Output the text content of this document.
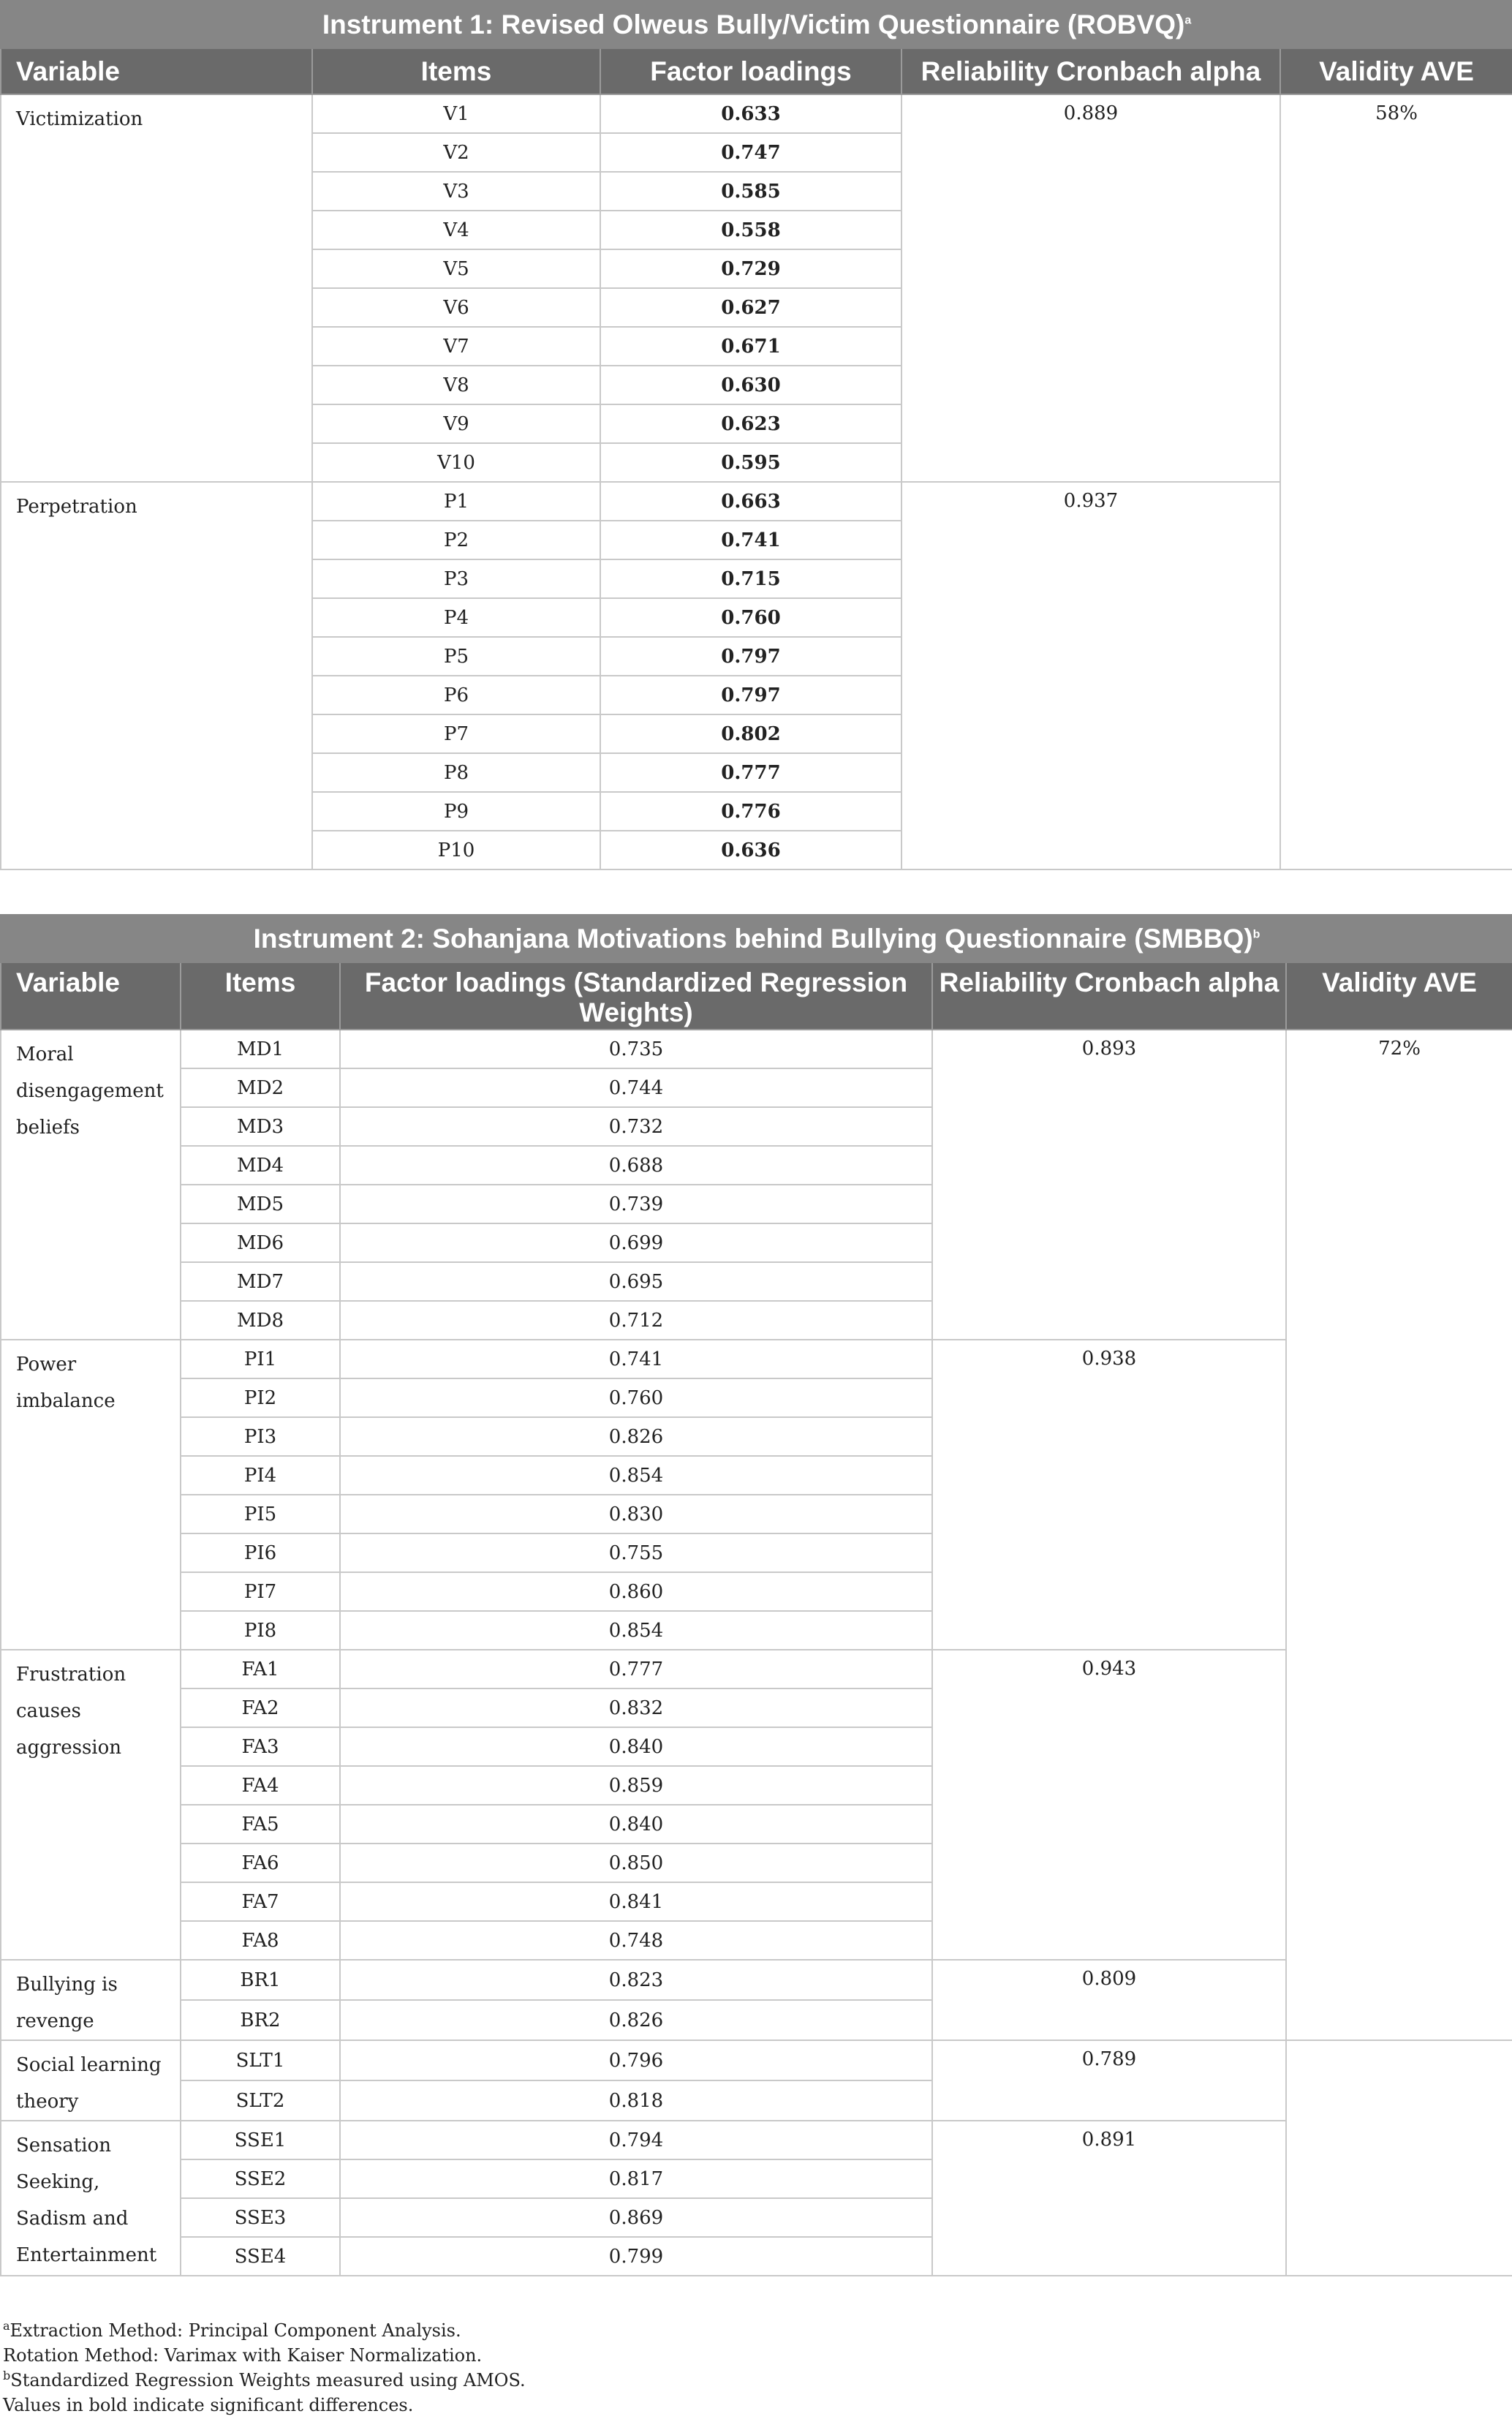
Instrument 1: Revised Olweus Bully/Victim Questionnaire (ROBVQ)$^a$
Variable	Items	Factor loadings	Reliability Cronbach alpha	Validity AVE
Victimization	V1	0.633	0.889	58%
	V2	0.747		
	V3	0.585		
	V4	0.558		
	V5	0.729		
	V6	0.627		
	V7	0.671		
	V8	0.630		
	V9	0.623		
	V10	0.595		
Perpetration	P1	0.663	0.937	
	P2	0.741		
	P3	0.715		
	P4	0.760		
	P5	0.797		
	P6	0.797		
	P7	0.802		
	P8	0.777		
	P9	0.776		
	P10	0.636		
Instrument 2: Sohanjana Motivations behind Bullying Questionnaire (SMBBQ)$^b$
Variable	Items	Factor loadings (Standardized Regression Weights)	Reliability Cronbach alpha	Validity AVE
Moral disengagement beliefs	MD1	0.735	0.893	72%
	MD2	0.744		
	MD3	0.732		
	MD4	0.688		
	MD5	0.739		
	MD6	0.699		
	MD7	0.695		
	MD8	0.712		
Power imbalance	PI1	0.741	0.938	
	PI2	0.760		
	PI3	0.826		
	PI4	0.854		
	PI5	0.830		
	PI6	0.755		
	PI7	0.860		
	PI8	0.854		
Frustration causes aggression	FA1	0.777	0.943	
	FA2	0.832		
	FA3	0.840		
	FA4	0.859		
	FA5	0.840		
	FA6	0.850		
	FA7	0.841		
	FA8	0.748		
Bullying is revenge	BR1	0.823	0.809	
	BR2	0.826		
Social learning theory	SLT1	0.796	0.789	
	SLT2	0.818		
Sensation Seeking, Sadism and Entertainment	SSE1	0.794	0.891	
	SSE2	0.817		
	SSE3	0.869		
	SSE4	0.799		
$^a$Extraction Method: Principal Component Analysis.
Rotation Method: Varimax with Kaiser Normalization.
$^b$Standardized Regression Weights measured using AMOS.
Values in bold indicate significant differences.
